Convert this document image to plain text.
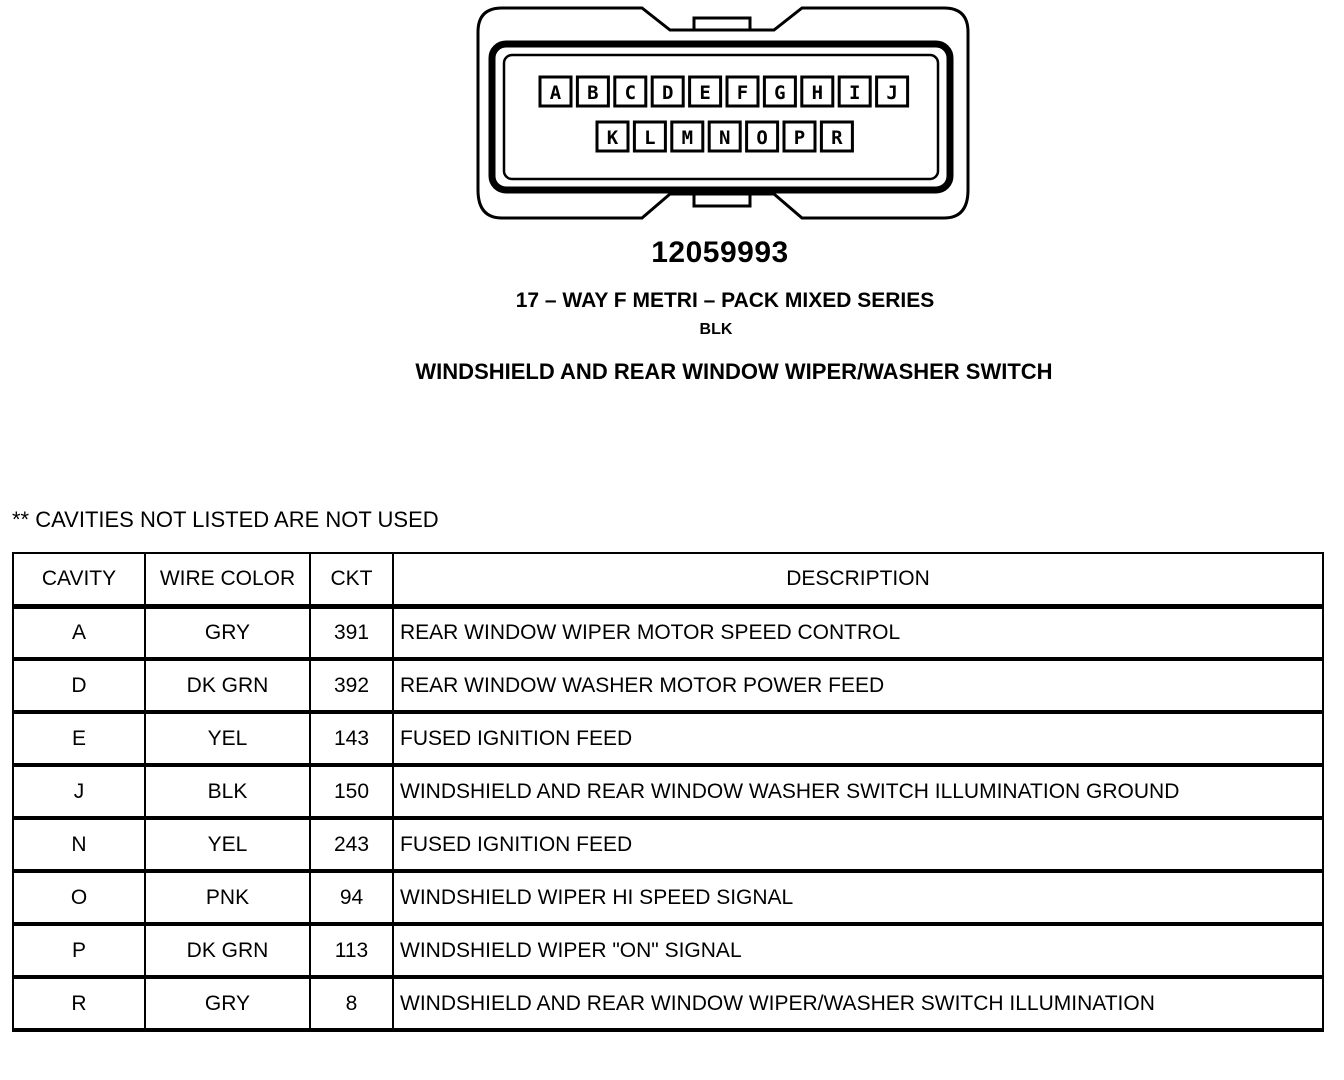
A B C D E F G H I J
K L M N O P R
12059993
17 – WAY F METRI – PACK MIXED SERIES
BLK
WINDSHIELD AND REAR WINDOW WIPER/WASHER SWITCH
** CAVITIES NOT LISTED ARE NOT USED
CAVITY	WIRE COLOR	CKT	DESCRIPTION
A	GRY	391	REAR WINDOW WIPER MOTOR SPEED CONTROL
D	DK GRN	392	REAR WINDOW WASHER MOTOR POWER FEED
E	YEL	143	FUSED IGNITION FEED
J	BLK	150	WINDSHIELD AND REAR WINDOW WASHER SWITCH ILLUMINATION GROUND
N	YEL	243	FUSED IGNITION FEED
O	PNK	94	WINDSHIELD WIPER HI SPEED SIGNAL
P	DK GRN	113	WINDSHIELD WIPER "ON" SIGNAL
R	GRY	8	WINDSHIELD AND REAR WINDOW WIPER/WASHER SWITCH ILLUMINATION
